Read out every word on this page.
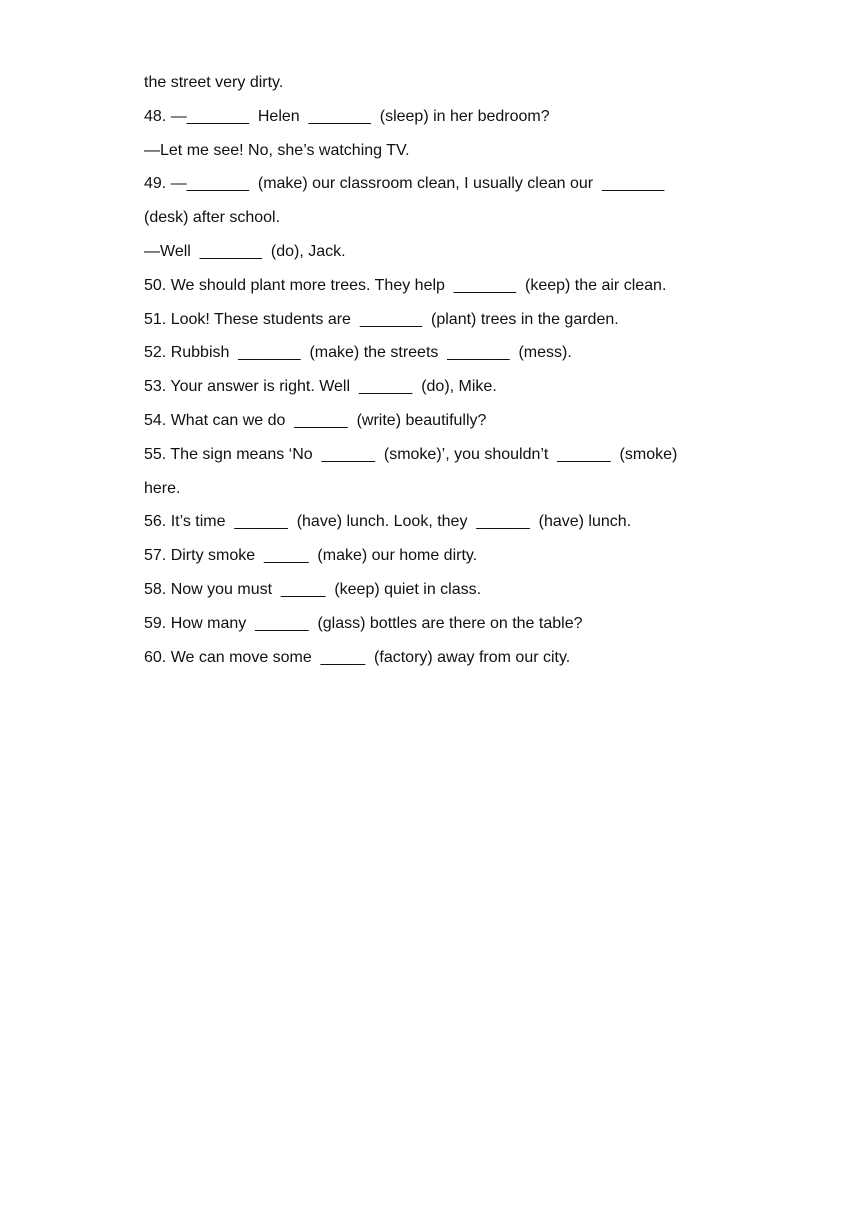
the street very dirty.
48. —_______  Helen  _______  (sleep) in her bedroom?
—Let me see! No, she’s watching TV.
49. —_______  (make) our classroom clean, I usually clean our  _______
(desk) after school.
—Well  _______  (do), Jack.
50. We should plant more trees. They help  _______  (keep) the air clean.
51. Look! These students are  _______  (plant) trees in the garden.
52. Rubbish  _______  (make) the streets  _______  (mess).
53. Your answer is right. Well  ______  (do), Mike.
54. What can we do  ______  (write) beautifully?
55. The sign means ‘No  ______  (smoke)’, you shouldn’t  ______  (smoke)
here.
56. It’s time  ______  (have) lunch. Look, they  ______  (have) lunch.
57. Dirty smoke  _____  (make) our home dirty.
58. Now you must  _____  (keep) quiet in class.
59. How many  ______  (glass) bottles are there on the table?
60. We can move some  _____  (factory) away from our city.
